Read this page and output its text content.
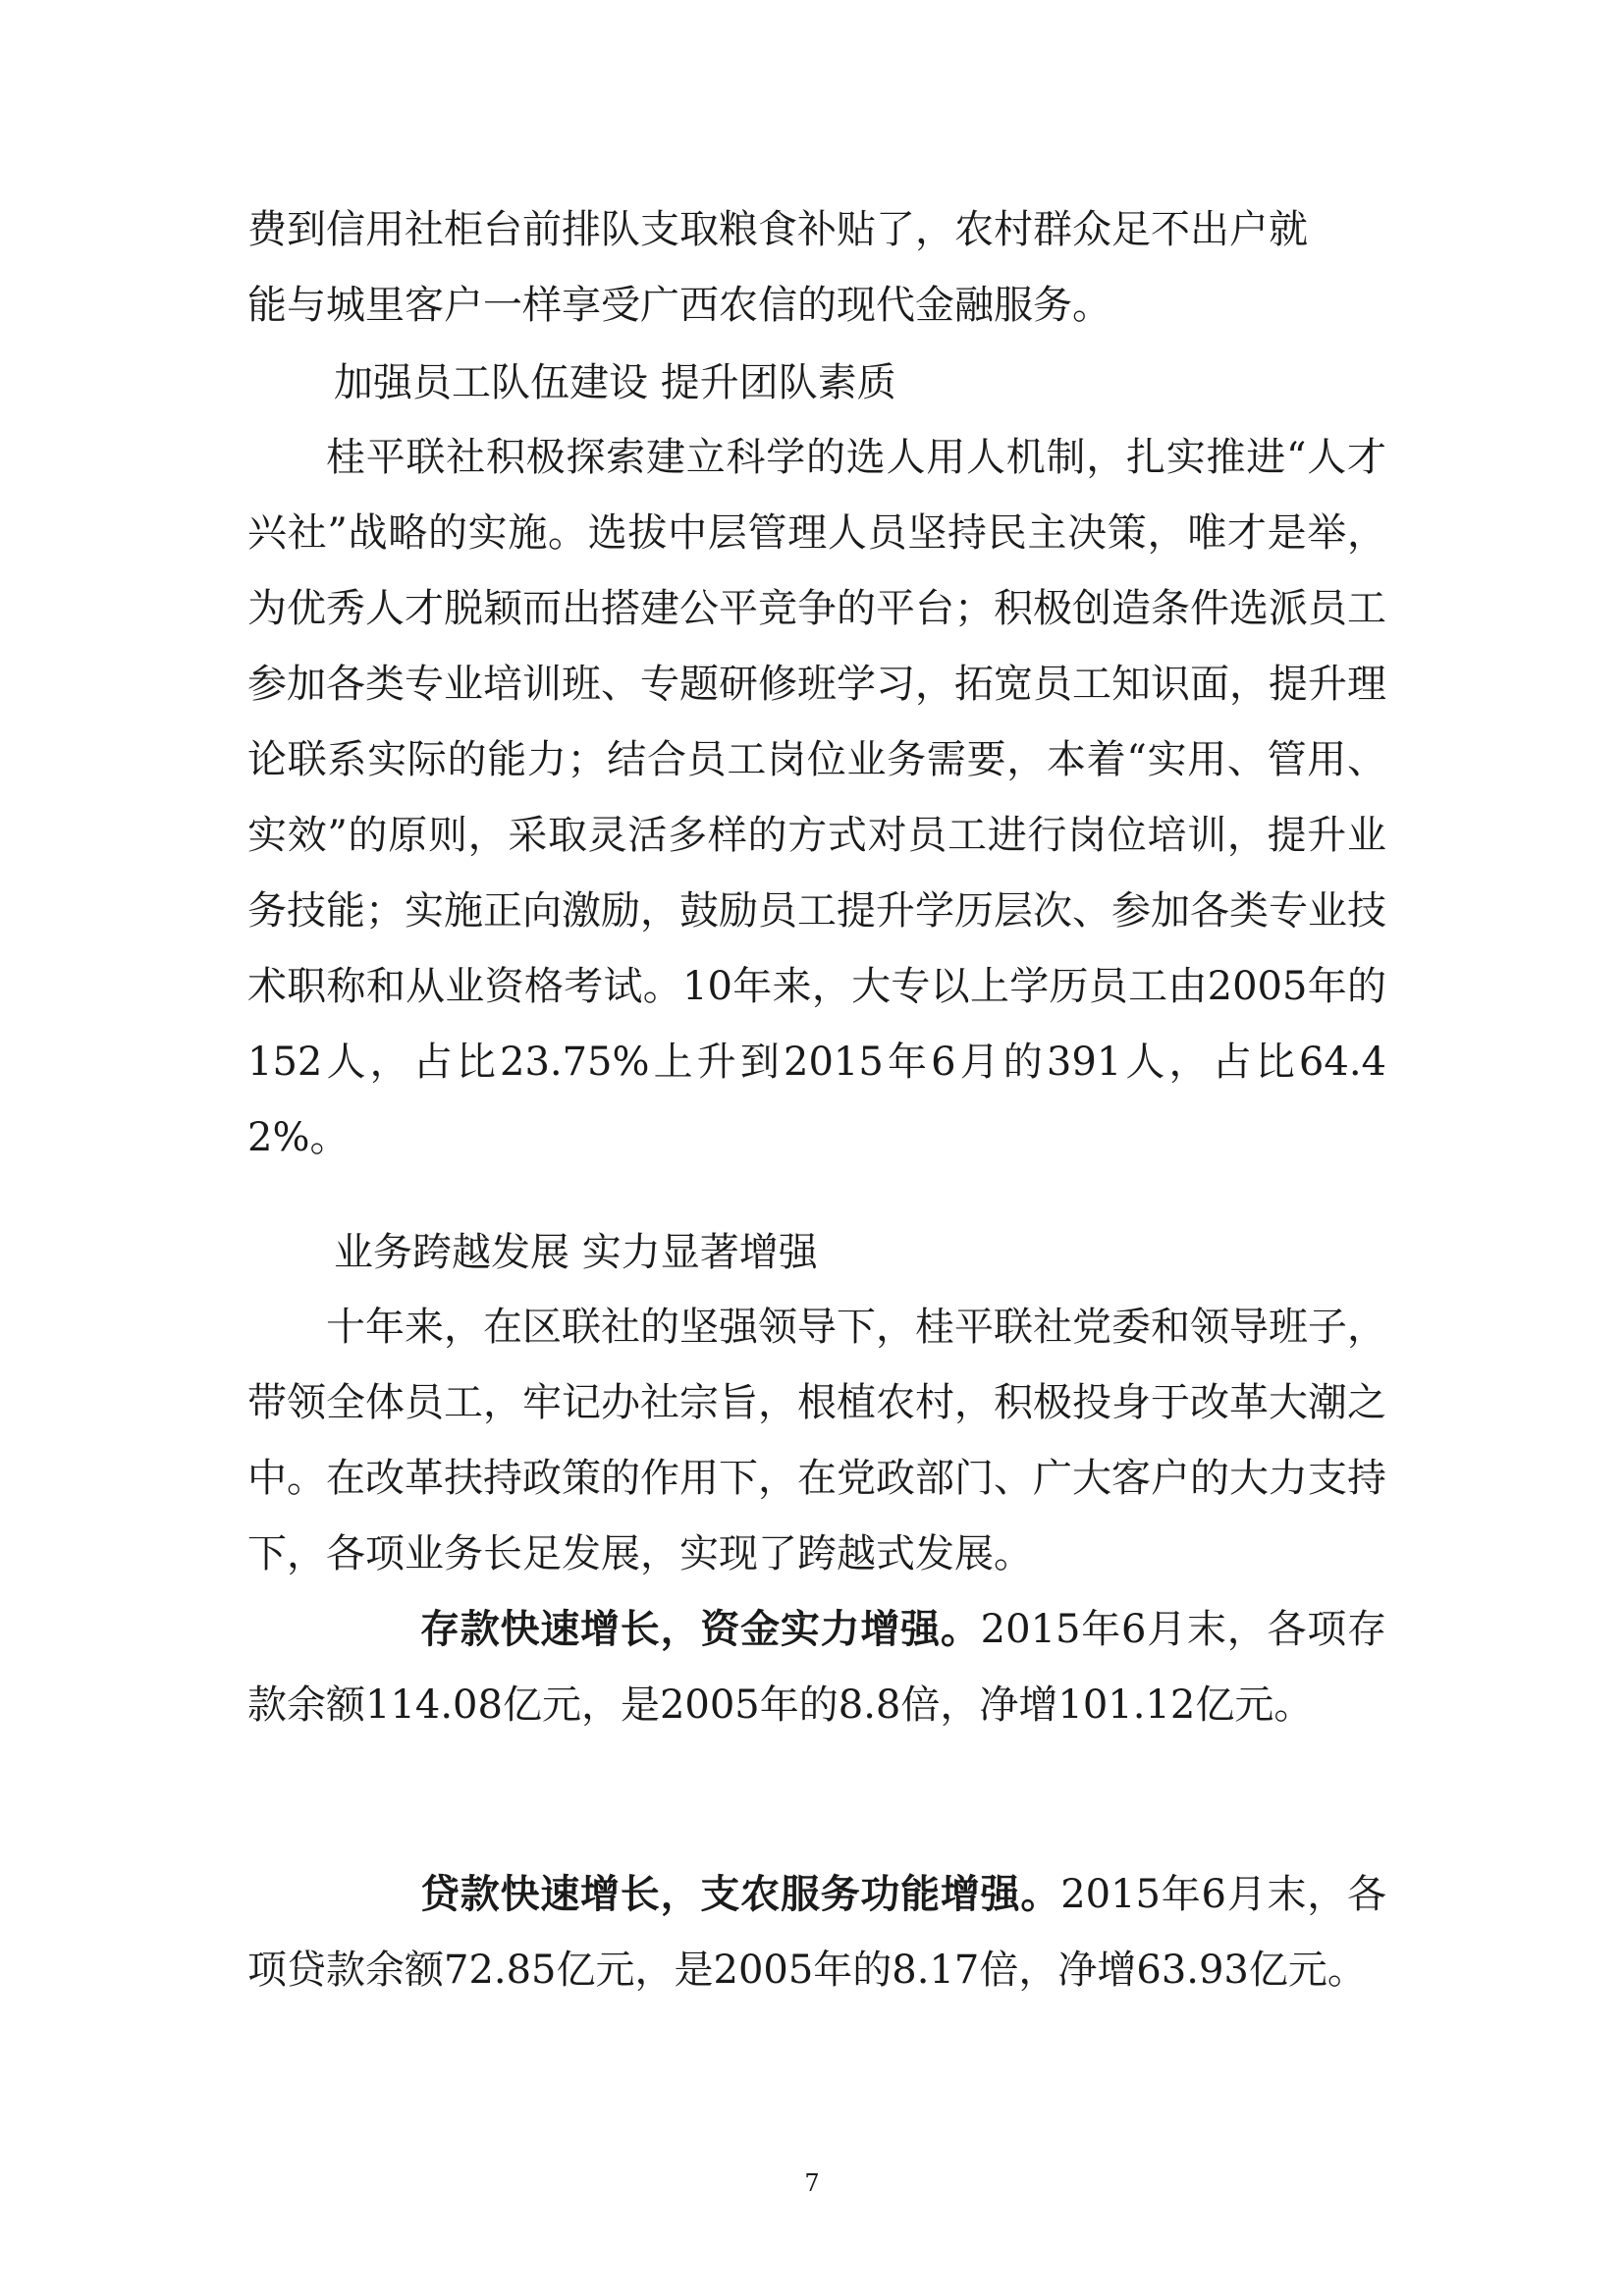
费到信用社柜台前排队支取粮食补贴了，农村群众足不出户就
能与城里客户一样享受广西农信的现代金融服务。

加强员工队伍建设 提升团队素质

桂平联社积极探索建立科学的选人用人机制，扎实推进“人才兴社”战略的实施。选拔中层管理人员坚持民主决策，唯才是举，为优秀人才脱颖而出搭建公平竞争的平台；积极创造条件选派员工参加各类专业培训班、专题研修班学习，拓宽员工知识面，提升理论联系实际的能力；结合员工岗位业务需要，本着“实用、管用、实效”的原则，采取灵活多样的方式对员工进行岗位培训，提升业务技能；实施正向激励，鼓励员工提升学历层次、参加各类专业技术职称和从业资格考试。10年来，大专以上学历员工由2005年的152人，占比23.75%上升到2015年6月的391人，占比64.42%。

业务跨越发展 实力显著增强

十年来，在区联社的坚强领导下，桂平联社党委和领导班子，带领全体员工，牢记办社宗旨，根植农村，积极投身于改革大潮之中。在改革扶持政策的作用下，在党政部门、广大客户的大力支持下，各项业务长足发展，实现了跨越式发展。

存款快速增长，资金实力增强。2015年6月末，各项存款余额114.08亿元，是2005年的8.8倍，净增101.12亿元。

贷款快速增长，支农服务功能增强。2015年6月末，各项贷款余额72.85亿元，是2005年的8.17倍，净增63.93亿元。

7
